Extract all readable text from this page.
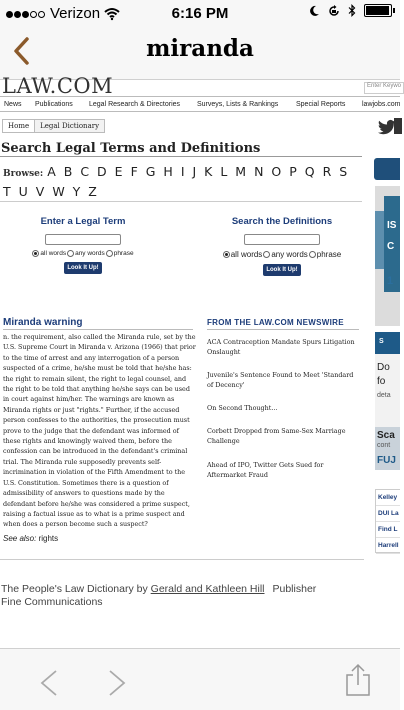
Verizon	6:16 PM
miranda
LAW.COM	Enter Keywo
News Publications Legal Research & Directories Surveys, Lists & Rankings	Special Reports lawjobs.com
Home	Legal Dictionary
Search Legal Terms and Definitions
Browse: A B C D E F G H I J K L M N O P Q R S T U V W Y Z
Enter a Legal Term
all words any words phrase
Look It Up!
Search the Definitions
all words any words phrase
Look It Up!
Miranda warning
n. the requirement, also called the Miranda rule, set by the U.S. Supreme Court in Miranda v. Arizona (1966) that prior to the time of arrest and any interrogation of a person suspected of a crime, he/she must be told that he/she has: the right to remain silent, the right to legal counsel, and the right to be told that anything he/she says can be used in court against him/her. The warnings are known as Miranda rights or just "rights." Further, if the accused person confesses to the authorities, the prosecution must prove to the judge that the defendant was informed of these rights and knowingly waived them, before the confession can be introduced in the defendant's criminal trial. The Miranda rule supposedly prevents self-incrimination in violation of the Fifth Amendment to the U.S. Constitution. Sometimes there is a question of admissibility of answers to questions made by the defendant before he/she was considered a prime suspect, raising a factual issue as to what is a prime suspect and when does a person become such a suspect?
See also: rights
FROM THE LAW.COM NEWSWIRE
ACA Contraception Mandate Spurs Litigation Onslaught
Juvenile's Sentence Found to Meet 'Standard of Decency'
On Second Thought...
Corbett Dropped from Same-Sex Marriage Challenge
Ahead of IPO, Twitter Gets Sued for Aftermarket Fraud
The People's Law Dictionary by Gerald and Kathleen Hill Publisher
Fine Communications
IS
C
1
S
Do
fo
deta
Sca
cont
FUJ
Kelley
DUI La
Find L
Harrell
